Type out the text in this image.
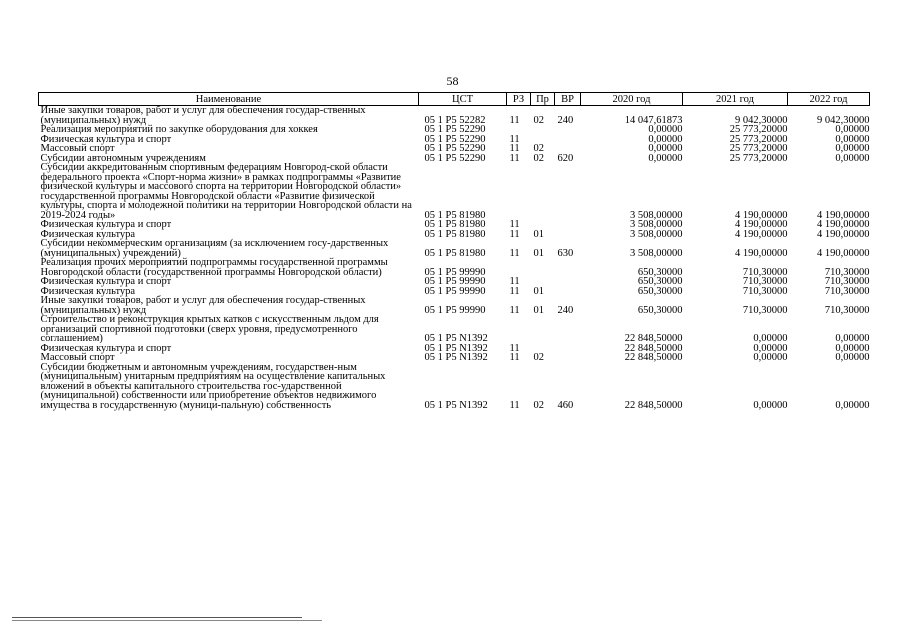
58
Наименование	ЦСТ	РЗ	Пр	ВР	2020 год	2021 год	2022 год
Иные закупки товаров, работ и услуг для обеспечения государ-ственных (муниципальных) нужд	05 1 P5 52282	11	02	240	14 047,61873	9 042,30000	9 042,30000
Реализация мероприятий по закупке оборудования для хоккея	05 1 P5 52290				0,00000	25 773,20000	0,00000
Физическая культура и спорт	05 1 P5 52290	11			0,00000	25 773,20000	0,00000
Массовый спорт	05 1 P5 52290	11	02		0,00000	25 773,20000	0,00000
Субсидии автономным учреждениям	05 1 P5 52290	11	02	620	0,00000	25 773,20000	0,00000
Субсидии аккредитованным спортивным федерациям Новгород-ской области федерального проекта «Спорт-норма жизни» в рамках подпрограммы «Развитие физической культуры и массового спорта на территории Новгородской области» государственной программы Новгородской области «Развитие физической культуры, спорта и молодежной политики на территории Новгородской области на 2019-2024 годы»	05 1 P5 81980				3 508,00000	4 190,00000	4 190,00000
Физическая культура и спорт	05 1 P5 81980	11			3 508,00000	4 190,00000	4 190,00000
Физическая культура	05 1 P5 81980	11	01		3 508,00000	4 190,00000	4 190,00000
Субсидии некоммерческим организациям (за исключением госу-дарственных (муниципальных) учреждений)	05 1 P5 81980	11	01	630	3 508,00000	4 190,00000	4 190,00000
Реализация прочих мероприятий подпрограммы государственной программы Новгородской области (государственной программы Новгородской области)	05 1 P5 99990				650,30000	710,30000	710,30000
Физическая культура и спорт	05 1 P5 99990	11			650,30000	710,30000	710,30000
Физическая культура	05 1 P5 99990	11	01		650,30000	710,30000	710,30000
Иные закупки товаров, работ и услуг для обеспечения государ-ственных (муниципальных) нужд	05 1 P5 99990	11	01	240	650,30000	710,30000	710,30000
Строительство и реконструкция крытых катков с искусственным льдом для организаций спортивной подготовки (сверх уровня, предусмотренного соглашением)	05 1 P5 N1392				22 848,50000	0,00000	0,00000
Физическая культура и спорт	05 1 P5 N1392	11			22 848,50000	0,00000	0,00000
Массовый спорт	05 1 P5 N1392	11	02		22 848,50000	0,00000	0,00000
Субсидии бюджетным и автономным учреждениям, государствен-ным (муниципальным) унитарным предприятиям на осуществление капитальных вложений в объекты капитального строительства гос-ударственной (муниципальной) собственности или приобретение объектов недвижимого имущества в государственную (муници-пальную) собственность	05 1 P5 N1392	11	02	460	22 848,50000	0,00000	0,00000
